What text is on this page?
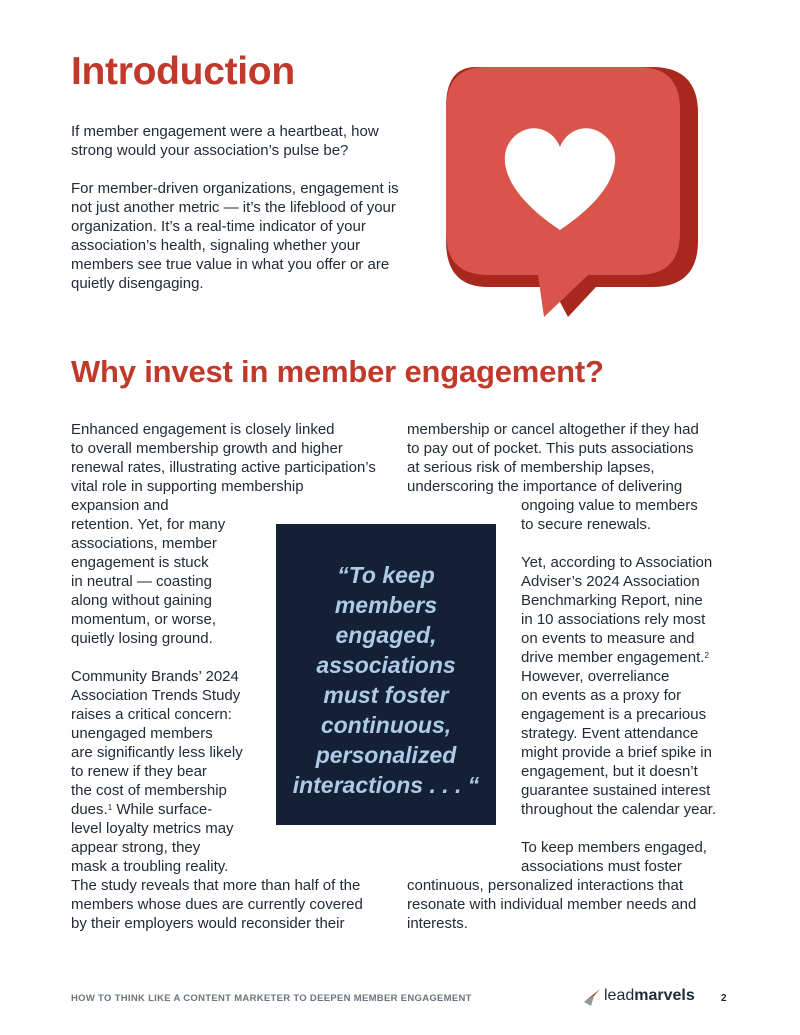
Introduction

If member engagement were a heartbeat, how strong would your association’s pulse be?

For member-driven organizations, engagement is not just another metric — it’s the lifeblood of your organization. It’s a real-time indicator of your association’s health, signaling whether your members see true value in what you offer or are quietly disengaging.

Why invest in member engagement?

Enhanced engagement is closely linked

to overall membership growth and higher

renewal rates, illustrating active participation’s

vital role in supporting membership

expansion and

retention. Yet, for many

associations, member

engagement is stuck

in neutral — coasting

along without gaining

momentum, or worse,

quietly losing ground.

Community Brands’ 2024

Association Trends Study

raises a critical concern:

unengaged members

are significantly less likely

to renew if they bear

the cost of membership

dues.$^1$ While surface-

level loyalty metrics may

appear strong, they

mask a troubling reality.

The study reveals that more than half of the

members whose dues are currently covered

by their employers would reconsider their

membership or cancel altogether if they had

to pay out of pocket. This puts associations

at serious risk of membership lapses,

underscoring the importance of delivering

ongoing value to members

to secure renewals.

Yet, according to Association

Adviser’s 2024 Association

Benchmarking Report, nine

in 10 associations rely most

on events to measure and

drive member engagement.$^2$

However, overreliance

on events as a proxy for

engagement is a precarious

strategy. Event attendance

might provide a brief spike in

engagement, but it doesn’t

guarantee sustained interest

throughout the calendar year.

To keep members engaged,

associations must foster

continuous, personalized interactions that

resonate with individual member needs and

interests.

“To keep
members
engaged,
associations
must foster
continuous,
personalized
interactions . . . “
HOW TO THINK LIKE A CONTENT MARKETER TO DEEPEN MEMBER ENGAGEMENT	leadmarvels	2
